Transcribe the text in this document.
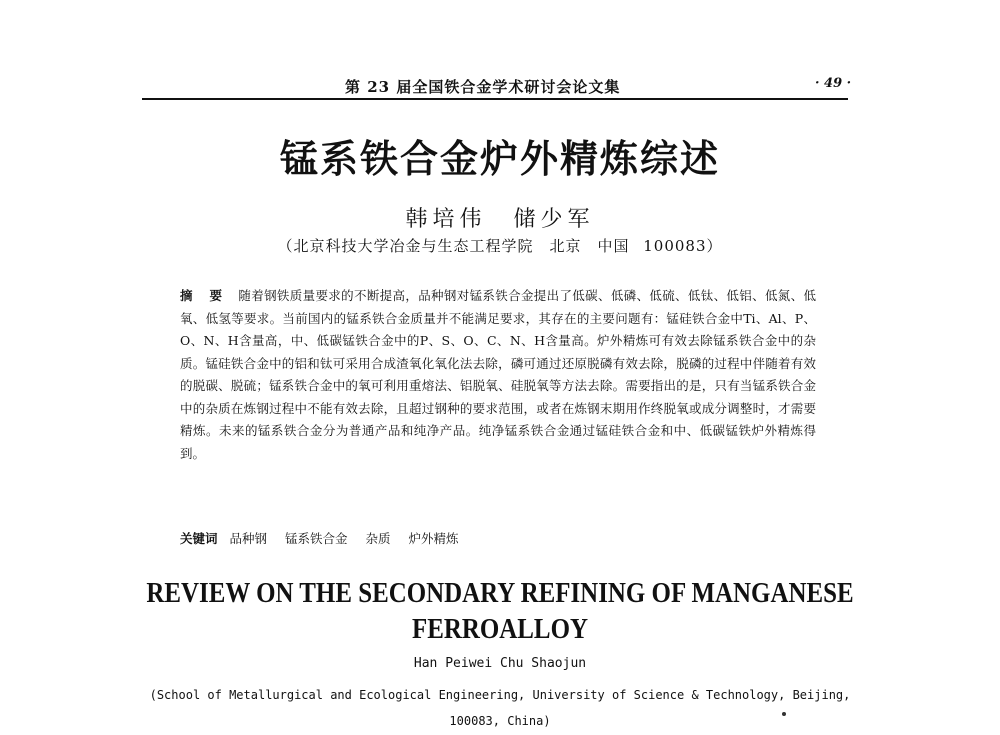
第 23 届全国铁合金学术研讨会论文集	· 49 ·
锰系铁合金炉外精炼综述
韩培伟　储少军
（北京科技大学冶金与生态工程学院　北京　中国 100083）
摘 要 随着钢铁质量要求的不断提高，品种钢对锰系铁合金提出了低碳、低磷、低硫、低钛、低铝、低氮、低氧、低氢等要求。当前国内的锰系铁合金质量并不能满足要求，其存在的主要问题有：锰硅铁合金中Ti、Al、P、O、N、H含量高，中、低碳锰铁合金中的P、S、O、C、N、H含量高。炉外精炼可有效去除锰系铁合金中的杂质。锰硅铁合金中的铝和钛可采用合成渣氧化氧化法去除，磷可通过还原脱磷有效去除，脱磷的过程中伴随着有效的脱碳、脱硫；锰系铁合金中的氧可利用重熔法、铝脱氧、硅脱氧等方法去除。需要指出的是，只有当锰系铁合金中的杂质在炼钢过程中不能有效去除，且超过钢种的要求范围，或者在炼钢末期用作终脱氧或成分调整时，才需要精炼。未来的锰系铁合金分为普通产品和纯净产品。纯净锰系铁合金通过锰硅铁合金和中、低碳锰铁炉外精炼得到。
关键词 品种钢 锰系铁合金 杂质 炉外精炼
REVIEW ON THE SECONDARY REFINING OF MANGANESE FERROALLOY
Han Peiwei Chu Shaojun
(School of Metallurgical and Ecological Engineering, University of Science & Technology, Beijing, 100083, China)
